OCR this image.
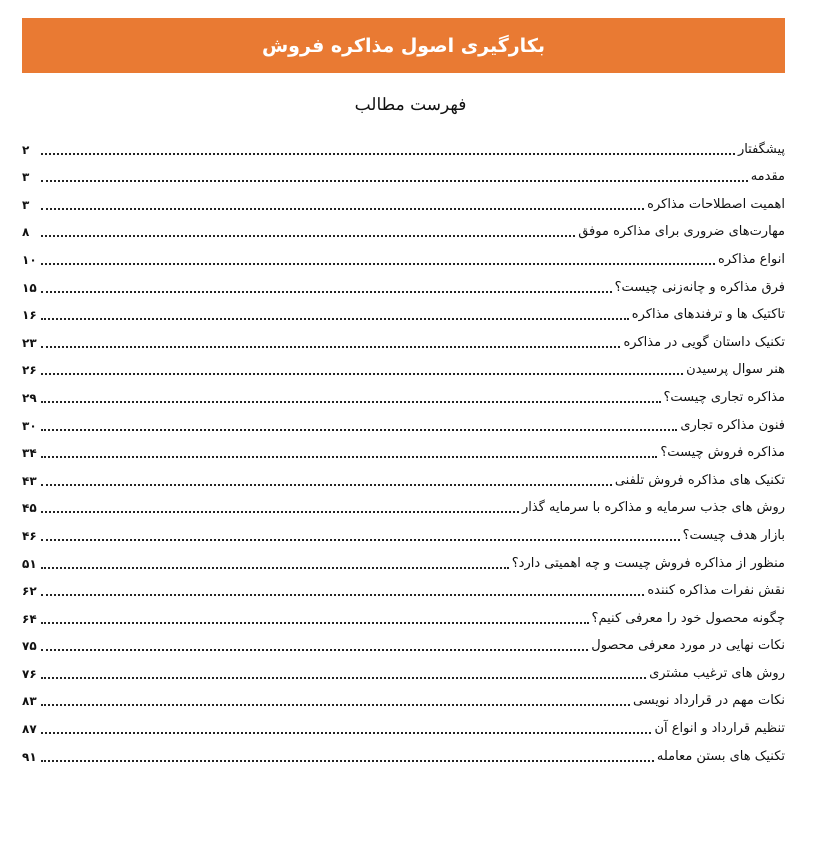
بکارگیری اصول مذاکره فروش
فهرست مطالب
پیشگفتار
۲
مقدمه
۳
اهمیت اصطلاحات مذاکره
۳
مهارت‌های ضروری برای مذاکره موفق
۸
انواع مذاکره
۱۰
فرق مذاکره و چانه‌زنی چیست؟
۱۵
تاکتیک ها و ترفندهای مذاکره
۱۶
تکنیک داستان گویی در مذاکره
۲۳
هنر سوال پرسیدن
۲۶
مذاکره تجاری چیست؟
۲۹
فنون مذاکره تجاری
۳۰
مذاکره فروش چیست؟
۳۴
تکنیک های مذاکره فروش تلفنی
۴۳
روش های جذب سرمایه و مذاکره با سرمایه گذار
۴۵
بازار هدف چیست؟
۴۶
منظور از مذاکره فروش چیست و چه اهمیتی دارد؟
۵۱
نقش نفرات مذاکره کننده
۶۲
چگونه محصول خود را معرفی کنیم؟
۶۴
نکات نهایی در مورد معرفی محصول
۷۵
روش های ترغیب مشتری
۷۶
نکات مهم در قرارداد نویسی
۸۳
تنظیم قرارداد و انواع آن
۸۷
تکنیک های بستن معامله
۹۱
